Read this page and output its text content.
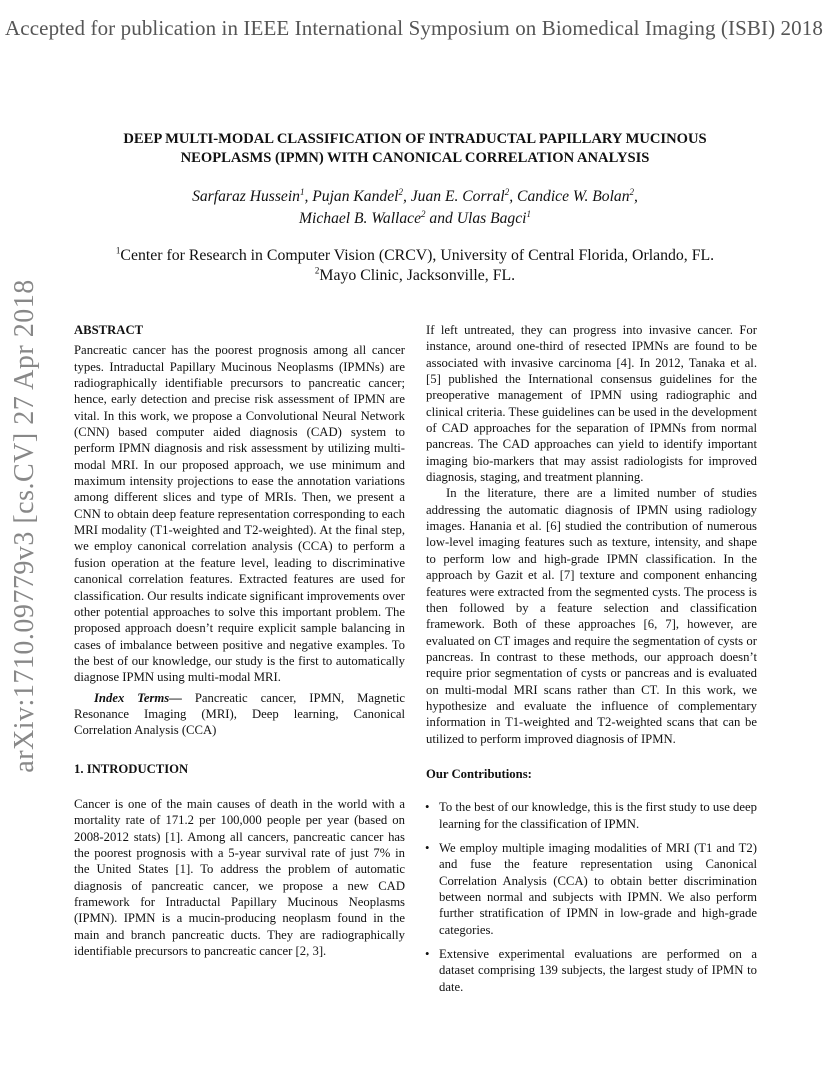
Accepted for publication in IEEE International Symposium on Biomedical Imaging (ISBI) 2018
arXiv:1710.09779v3 [cs.CV] 27 Apr 2018
DEEP MULTI-MODAL CLASSIFICATION OF INTRADUCTAL PAPILLARY MUCINOUS
NEOPLASMS (IPMN) WITH CANONICAL CORRELATION ANALYSIS
Sarfaraz Hussein$^1$, Pujan Kandel$^2$, Juan E. Corral$^2$, Candice W. Bolan$^2$,
Michael B. Wallace$^2$ and Ulas Bagci$^1$
$^1$Center for Research in Computer Vision (CRCV), University of Central Florida, Orlando, FL.
$^2$Mayo Clinic, Jacksonville, FL.

ABSTRACT

Pancreatic cancer has the poorest prognosis among all cancer types. Intraductal Papillary Mucinous Neoplasms (IPMNs) are radiographically identifiable precursors to pancreatic cancer; hence, early detection and precise risk assessment of IPMN are vital. In this work, we propose a Convolutional Neural Network (CNN) based computer aided diagnosis (CAD) system to perform IPMN diagnosis and risk assessment by utilizing multi-modal MRI. In our proposed approach, we use minimum and maximum intensity projections to ease the annotation variations among different slices and type of MRIs. Then, we present a CNN to obtain deep feature representation corresponding to each MRI modality (T1-weighted and T2-weighted). At the final step, we employ canonical correlation analysis (CCA) to perform a fusion operation at the feature level, leading to discriminative canonical correlation features. Extracted features are used for classification. Our results indicate significant improvements over other potential approaches to solve this important problem. The proposed approach doesn’t require explicit sample balancing in cases of imbalance between positive and negative examples. To the best of our knowledge, our study is the first to automatically diagnose IPMN using multi-modal MRI.

Index Terms— Pancreatic cancer, IPMN, Magnetic Resonance Imaging (MRI), Deep learning, Canonical Correlation Analysis (CCA)

1. INTRODUCTION

Cancer is one of the main causes of death in the world with a mortality rate of 171.2 per 100,000 people per year (based on 2008-2012 stats) [1]. Among all cancers, pancreatic cancer has the poorest prognosis with a 5-year survival rate of just 7% in the United States [1]. To address the problem of automatic diagnosis of pancreatic cancer, we propose a new CAD framework for Intraductal Papillary Mucinous Neoplasms (IPMN). IPMN is a mucin-producing neoplasm found in the main and branch pancreatic ducts. They are radiographically identifiable precursors to pancreatic cancer [2, 3].

If left untreated, they can progress into invasive cancer. For instance, around one-third of resected IPMNs are found to be associated with invasive carcinoma [4]. In 2012, Tanaka et al. [5] published the International consensus guidelines for the preoperative management of IPMN using radiographic and clinical criteria. These guidelines can be used in the development of CAD approaches for the separation of IPMNs from normal pancreas. The CAD approaches can yield to identify important imaging bio-markers that may assist radiologists for improved diagnosis, staging, and treatment planning.

In the literature, there are a limited number of studies addressing the automatic diagnosis of IPMN using radiology images. Hanania et al. [6] studied the contribution of numerous low-level imaging features such as texture, intensity, and shape to perform low and high-grade IPMN classification. In the approach by Gazit et al. [7] texture and component enhancing features were extracted from the segmented cysts. The process is then followed by a feature selection and classification framework. Both of these approaches [6, 7], however, are evaluated on CT images and require the segmentation of cysts or pancreas. In contrast to these methods, our approach doesn’t require prior segmentation of cysts or pancreas and is evaluated on multi-modal MRI scans rather than CT. In this work, we hypothesize and evaluate the influence of complementary information in T1-weighted and T2-weighted scans that can be utilized to perform improved diagnosis of IPMN.

Our Contributions:

• To the best of our knowledge, this is the first study to use deep learning for the classification of IPMN.
• We employ multiple imaging modalities of MRI (T1 and T2) and fuse the feature representation using Canonical Correlation Analysis (CCA) to obtain better discrimination between normal and subjects with IPMN. We also perform further stratification of IPMN in low-grade and high-grade categories.
• Extensive experimental evaluations are performed on a dataset comprising 139 subjects, the largest study of IPMN to date.
